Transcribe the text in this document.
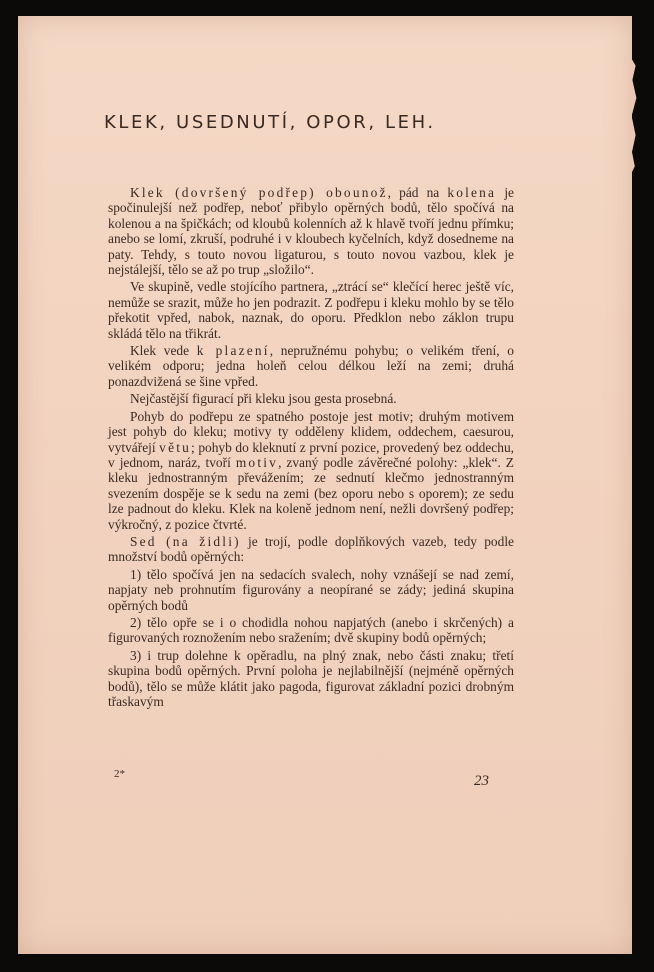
KLEK, USEDNUTÍ, OPOR, LEH.

Klek (dovršený podřep) obounož, pád na kolena je spočinulejší než podřep, neboť přibylo opěrných bodů, tělo spočívá na kolenou a na špičkách; od kloubů kolenních až k hlavě tvoří jednu přímku; anebo se lomí, zkruší, podruhé i v kloubech kyčelních, když dosedneme na paty. Tehdy, s touto novou ligaturou, s touto novou vazbou, klek je nejstálejší, tělo se až po trup „složilo“.

Ve skupině, vedle stojícího partnera, „ztrácí se“ klečící herec ještě víc, nemůže se srazit, může ho jen podrazit. Z podřepu i kleku mohlo by se tělo překotit vpřed, nabok, naznak, do oporu. Předklon nebo záklon trupu skládá tělo na třikrát.

Klek vede k plazení, nepružnému pohybu; o velikém tření, o velikém odporu; jedna holeň celou délkou leží na zemi; druhá ponazdvižená se šine vpřed.

Nejčastější figurací při kleku jsou gesta prosebná.

Pohyb do podřepu ze spatného postoje jest motiv; druhým motivem jest pohyb do kleku; motivy ty odděleny klidem, oddechem, caesurou, vytvářejí větu; pohyb do kleknutí z první pozice, provedený bez oddechu, v jednom, naráz, tvoří motiv, zvaný podle závěrečné polohy: „klek“. Z kleku jednostranným převážením; ze sednutí klečmo jednostranným svezením dospěje se k sedu na zemi (bez oporu nebo s oporem); ze sedu lze padnout do kleku. Klek na koleně jednom není, nežli dovršený podřep; výkročný, z pozice čtvrté.

Sed (na židli) je trojí, podle doplňkových vazeb, tedy podle množství bodů opěrných:

1) tělo spočívá jen na sedacích svalech, nohy vznášejí se nad zemí, napjaty neb prohnutím figurovány a neopírané se zády; jediná skupina opěrných bodů

2) tělo opře se i o chodidla nohou napjatých (anebo i skrčených) a figurovaných roznožením nebo sražením; dvě skupiny bodů opěrných;

3) i trup dolehne k opěradlu, na plný znak, nebo části znaku; třetí skupina bodů opěrných. První poloha je nejlabilnější (nejméně opěrných bodů), tělo se může klátit jako pagoda, figurovat základní pozici drobným třaskavým

2*	23
